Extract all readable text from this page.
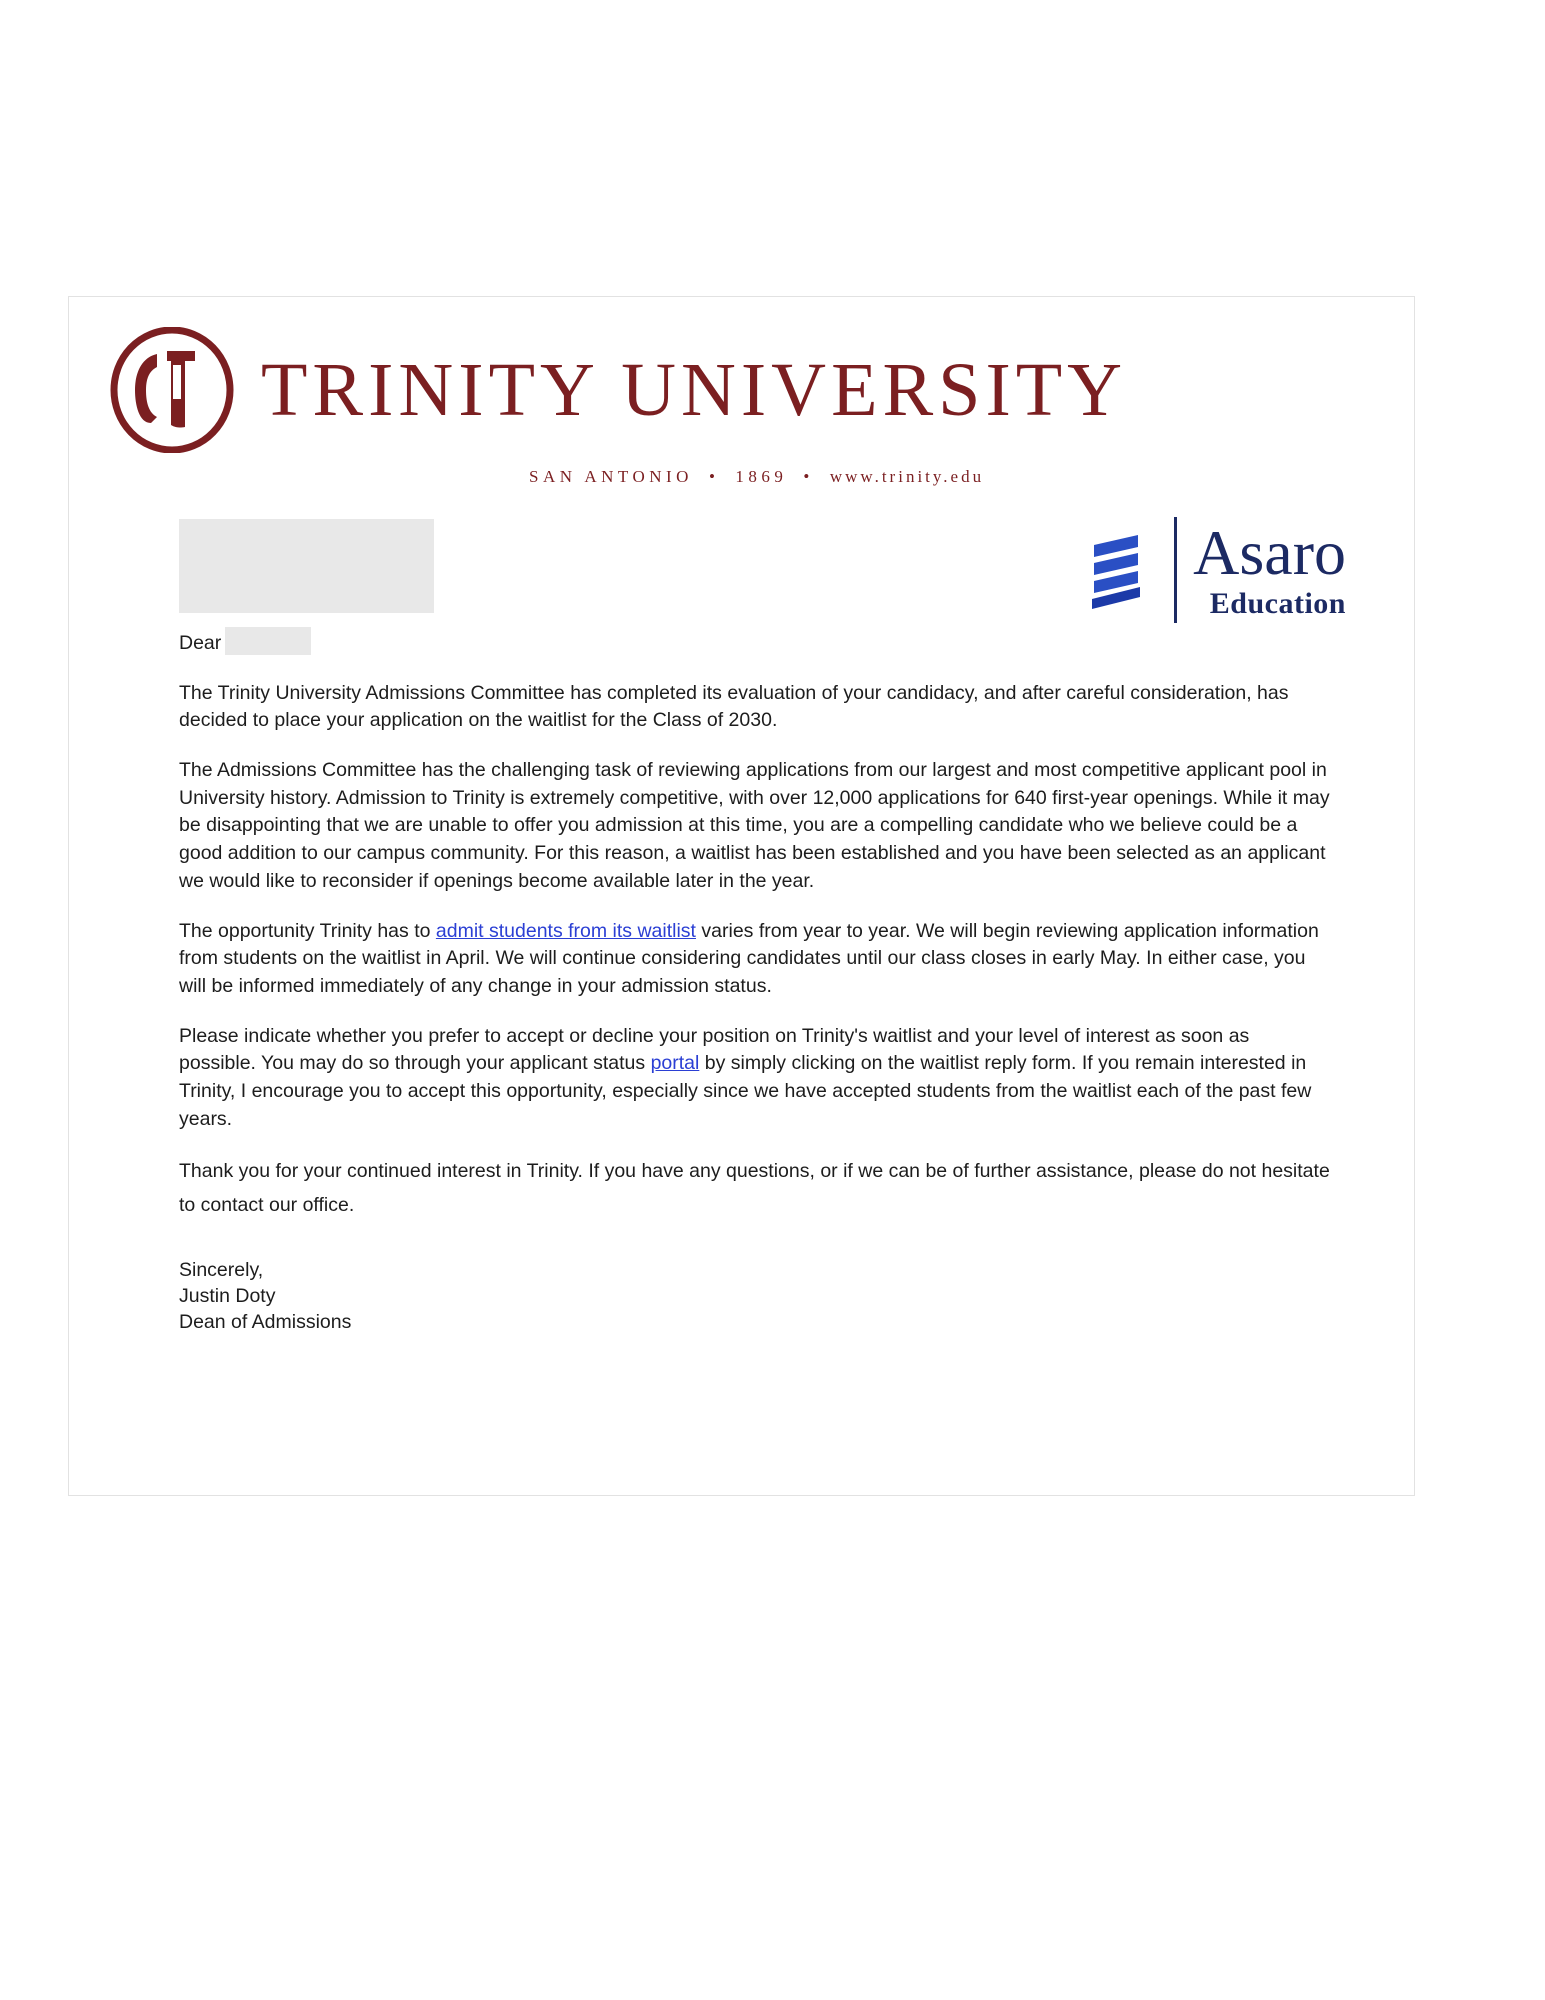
TRINITY UNIVERSITY
SAN ANTONIO • 1869 • www.trinity.edu
Asaro
Education
Dear

The Trinity University Admissions Committee has completed its evaluation of your candidacy, and after careful consideration, has decided to place your application on the waitlist for the Class of 2030.

The Admissions Committee has the challenging task of reviewing applications from our largest and most competitive applicant pool in University history. Admission to Trinity is extremely competitive, with over 12,000 applications for 640 first-year openings. While it may be disappointing that we are unable to offer you admission at this time, you are a compelling candidate who we believe could be a good addition to our campus community. For this reason, a waitlist has been established and you have been selected as an applicant we would like to reconsider if openings become available later in the year.

The opportunity Trinity has to admit students from its waitlist varies from year to year. We will begin reviewing application information from students on the waitlist in April. We will continue considering candidates until our class closes in early May. In either case, you will be informed immediately of any change in your admission status.

Please indicate whether you prefer to accept or decline your position on Trinity's waitlist and your level of interest as soon as possible. You may do so through your applicant status portal by simply clicking on the waitlist reply form. If you remain interested in Trinity, I encourage you to accept this opportunity, especially since we have accepted students from the waitlist each of the past few years.

Thank you for your continued interest in Trinity. If you have any questions, or if we can be of further assistance, please do not hesitate to contact our office.

Sincerely,
Justin Doty
Dean of Admissions
